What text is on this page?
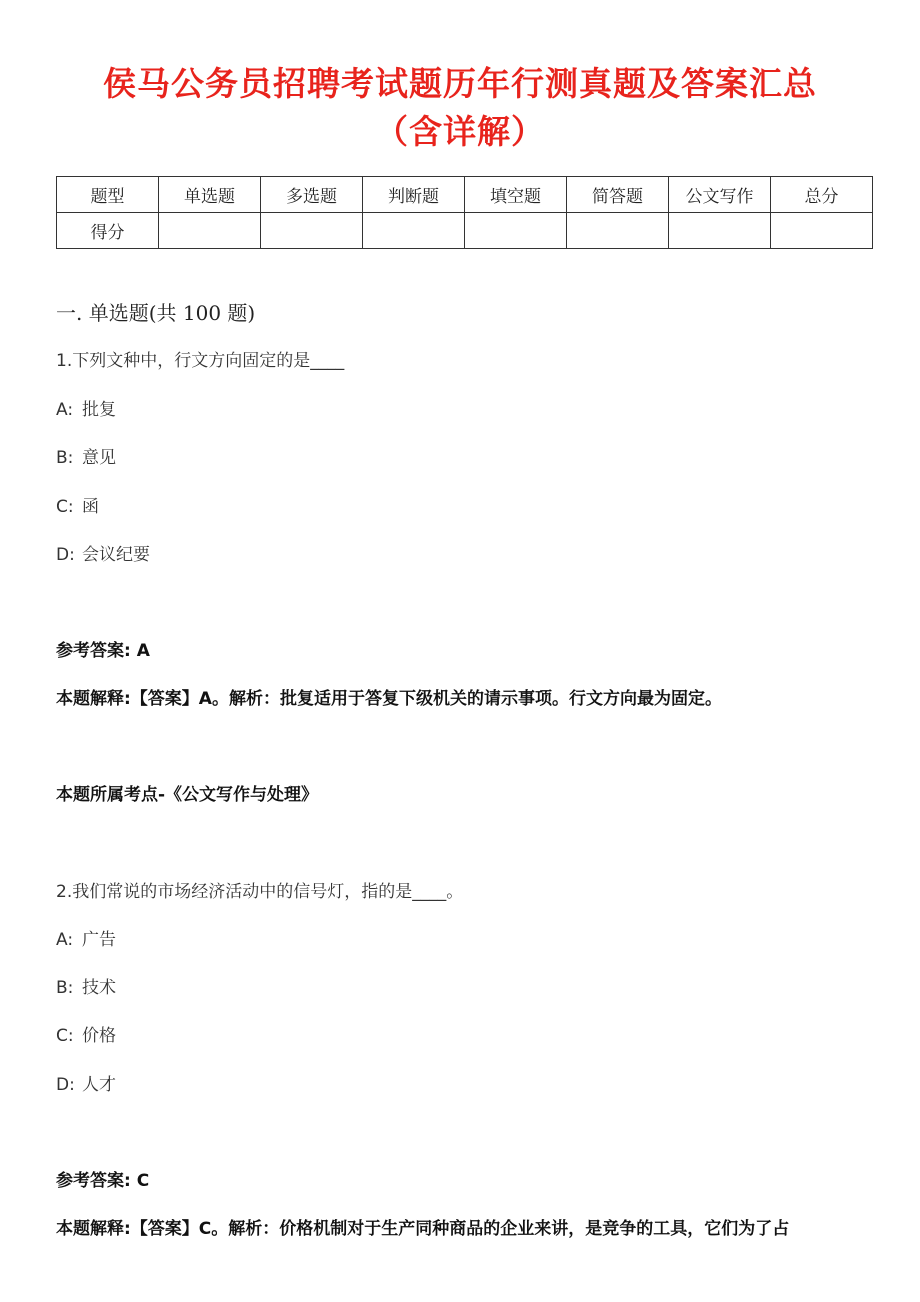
侯马公务员招聘考试题历年行测真题及答案汇总
（含详解）
题型	单选题	多选题	判断题	填空题	简答题	公文写作	总分
得分							
一. 单选题(共 100 题)
1.下列文种中，行文方向固定的是____
A: 批复
B: 意见
C: 函
D: 会议纪要
参考答案: A
本题解释:【答案】A。解析：批复适用于答复下级机关的请示事项。行文方向最为固定。
本题所属考点-《公文写作与处理》
2.我们常说的市场经济活动中的信号灯，指的是____。
A: 广告
B: 技术
C: 价格
D: 人才
参考答案: C
本题解释:【答案】C。解析：价格机制对于生产同种商品的企业来讲，是竞争的工具，它们为了占
